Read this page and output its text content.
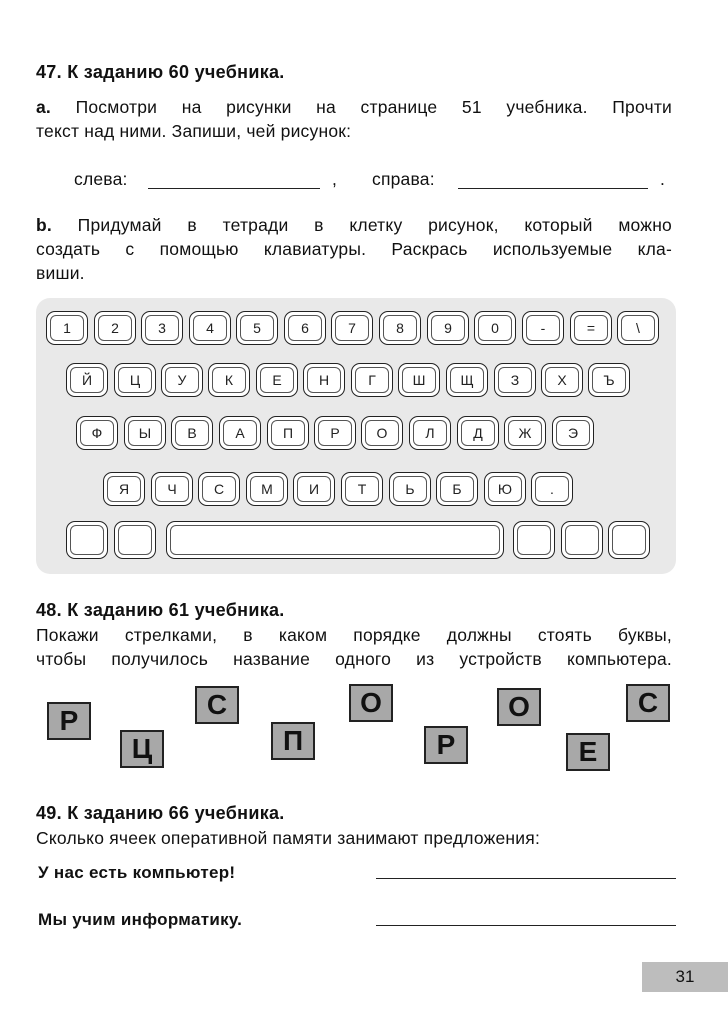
47. К заданию 60 учебника.
а. Посмотри на рисунки на странице 51 учебника. Прочти
текст над ними. Запиши, чей рисунок:
слева:	, справа:	.
b. Придумай в тетради в клетку рисунок, который можно
создать с помощью клавиатуры. Раскрась используемые кла-
виши.
1	2	3	4	5	6	7	8	9	0	-	=	\
Й	Ц	У	К	Е	Н	Г	Ш	Щ	З	Х	Ъ
Ф	Ы	В	А	П	Р	О	Л	Д	Ж	Э
Я	Ч	С	М	И	Т	Ь	Б	Ю	.
48. К заданию 61 учебника.
Покажи стрелками, в каком порядке должны стоять буквы,
чтобы получилось название одного из устройств компьютера.
Р
Ц
С
П
О
Р
О
Е
С
49. К заданию 66 учебника.
Сколько ячеек оперативной памяти занимают предложения:
У нас есть компьютер!
Мы учим информатику.
31
